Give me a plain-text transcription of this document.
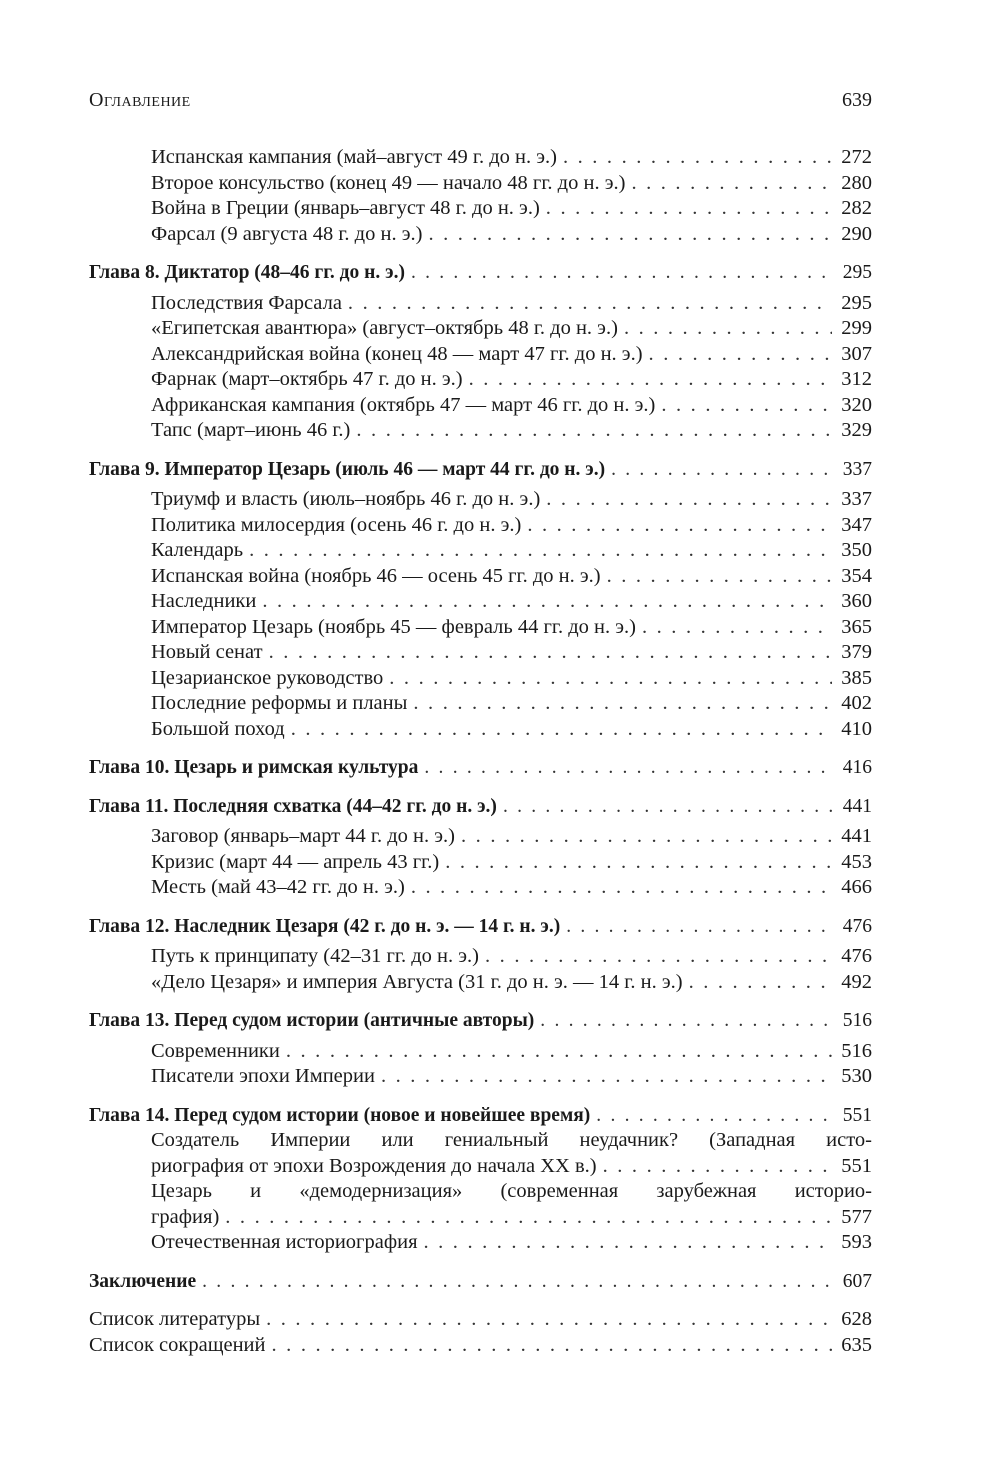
Оглавление	639
Испанская кампания (май–август 49 г. до н. э.) . . .	272
Второе консульство (конец 49 — начало 48 гг. до н. э.) . . .	280
Война в Греции (январь–август 48 г. до н. э.) . . .	282
Фарсал (9 августа 48 г. до н. э.) . . .	290
Глава 8. Диктатор (48–46 гг. до н. э.) . . .	295
Последствия Фарсала . . .	295
«Египетская авантюра» (август–октябрь 48 г. до н. э.) . . .	299
Александрийская война (конец 48 — март 47 гг. до н. э.) . . .	307
Фарнак (март–октябрь 47 г. до н. э.) . . .	312
Африканская кампания (октябрь 47 — март 46 гг. до н. э.) . . .	320
Тапс (март–июнь 46 г.) . . .	329
Глава 9. Император Цезарь (июль 46 — март 44 гг. до н. э.) . . .	337
Триумф и власть (июль–ноябрь 46 г. до н. э.) . . .	337
Политика милосердия (осень 46 г. до н. э.) . . .	347
Календарь . . .	350
Испанская война (ноябрь 46 — осень 45 гг. до н. э.) . . .	354
Наследники . . .	360
Император Цезарь (ноябрь 45 — февраль 44 гг. до н. э.) . . .	365
Новый сенат . . .	379
Цезарианское руководство . . .	385
Последние реформы и планы . . .	402
Большой поход . . .	410
Глава 10. Цезарь и римская культура . . .	416
Глава 11. Последняя схватка (44–42 гг. до н. э.) . . .	441
Заговор (январь–март 44 г. до н. э.) . . .	441
Кризис (март 44 — апрель 43 гг.) . . .	453
Месть (май 43–42 гг. до н. э.) . . .	466
Глава 12. Наследник Цезаря (42 г. до н. э. — 14 г. н. э.) . . .	476
Путь к принципату (42–31 гг. до н. э.) . . .	476
«Дело Цезаря» и империя Августа (31 г. до н. э. — 14 г. н. э.) . . .	492
Глава 13. Перед судом истории (античные авторы) . . .	516
Современники . . .	516
Писатели эпохи Империи . . .	530
Глава 14. Перед судом истории (новое и новейшее время) . . .	551
Создатель Империи или гениальный неудачник? (Западная исто-
риография от эпохи Возрождения до начала XX в.) . . .	551
Цезарь и «демодернизация» (современная зарубежная историо-
графия) . . .	577
Отечественная историография . . .	593
Заключение . . .	607
Список литературы . . .	628
Список сокращений . . .	635
